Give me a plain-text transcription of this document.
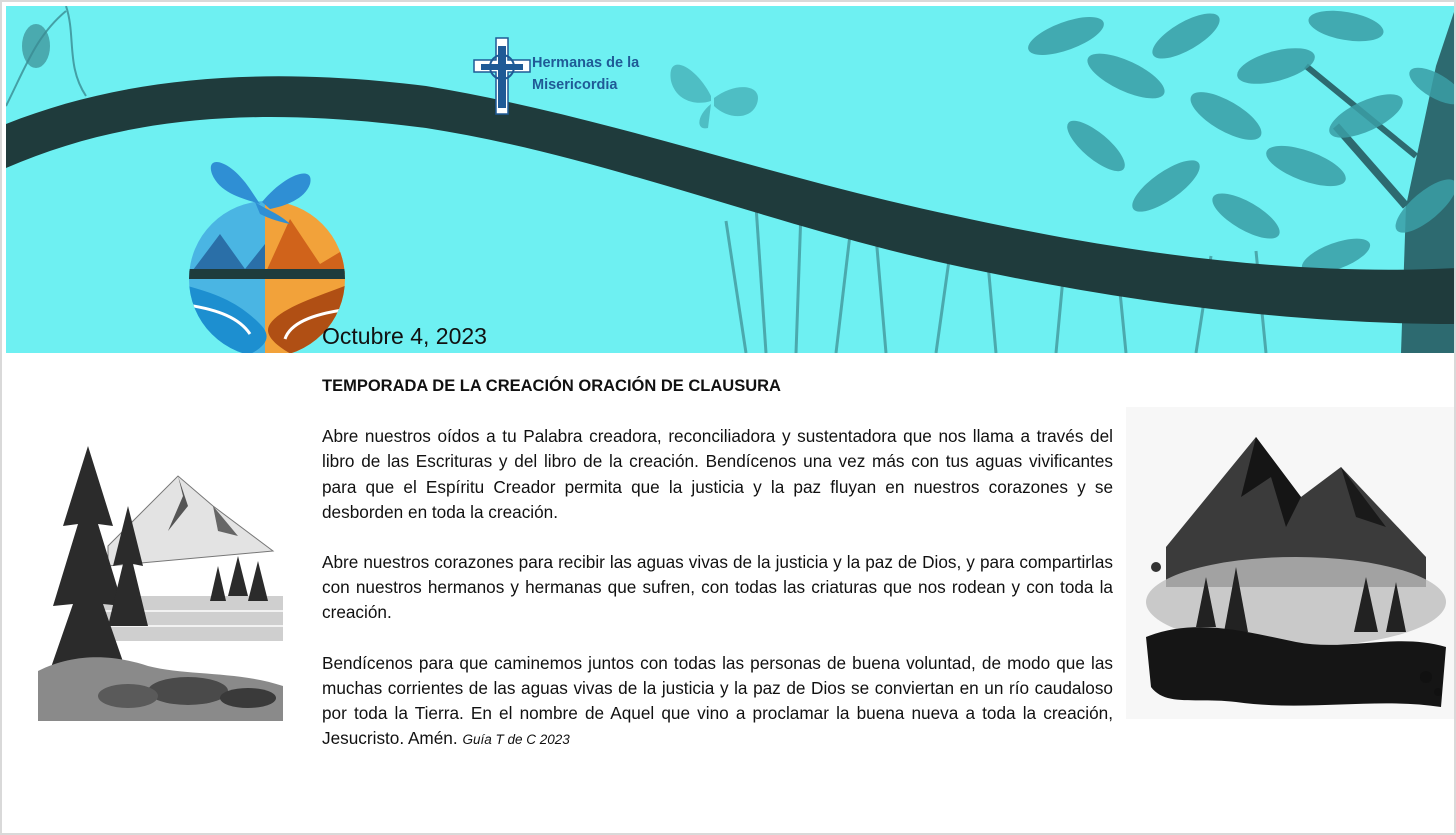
Hermanas de la
Misericordia
Octubre 4, 2023
TEMPORADA DE LA CREACIÓN ORACIÓN DE CLAUSURA
Abre nuestros oídos a tu Palabra creadora, reconciliadora y sustentadora que nos llama a través del libro de las Escrituras y del libro de la creación. Bendícenos una vez más con tus aguas vivificantes para que el Espíritu Creador permita que la justicia y la paz fluyan en nuestros corazones y se desborden en toda la creación.
Abre nuestros corazones para recibir las aguas vivas de la justicia y la paz de Dios, y para compartirlas con nuestros hermanos y hermanas que sufren, con todas las criaturas que nos rodean y con toda la creación.
Bendícenos para que caminemos juntos con todas las personas de buena voluntad, de modo que las muchas corrientes de las aguas vivas de la justicia y la paz de Dios se conviertan en un río caudaloso por toda la Tierra. En el nombre de Aquel que vino a proclamar la buena nueva a toda la creación, Jesucristo. Amén. Guía T de C 2023
